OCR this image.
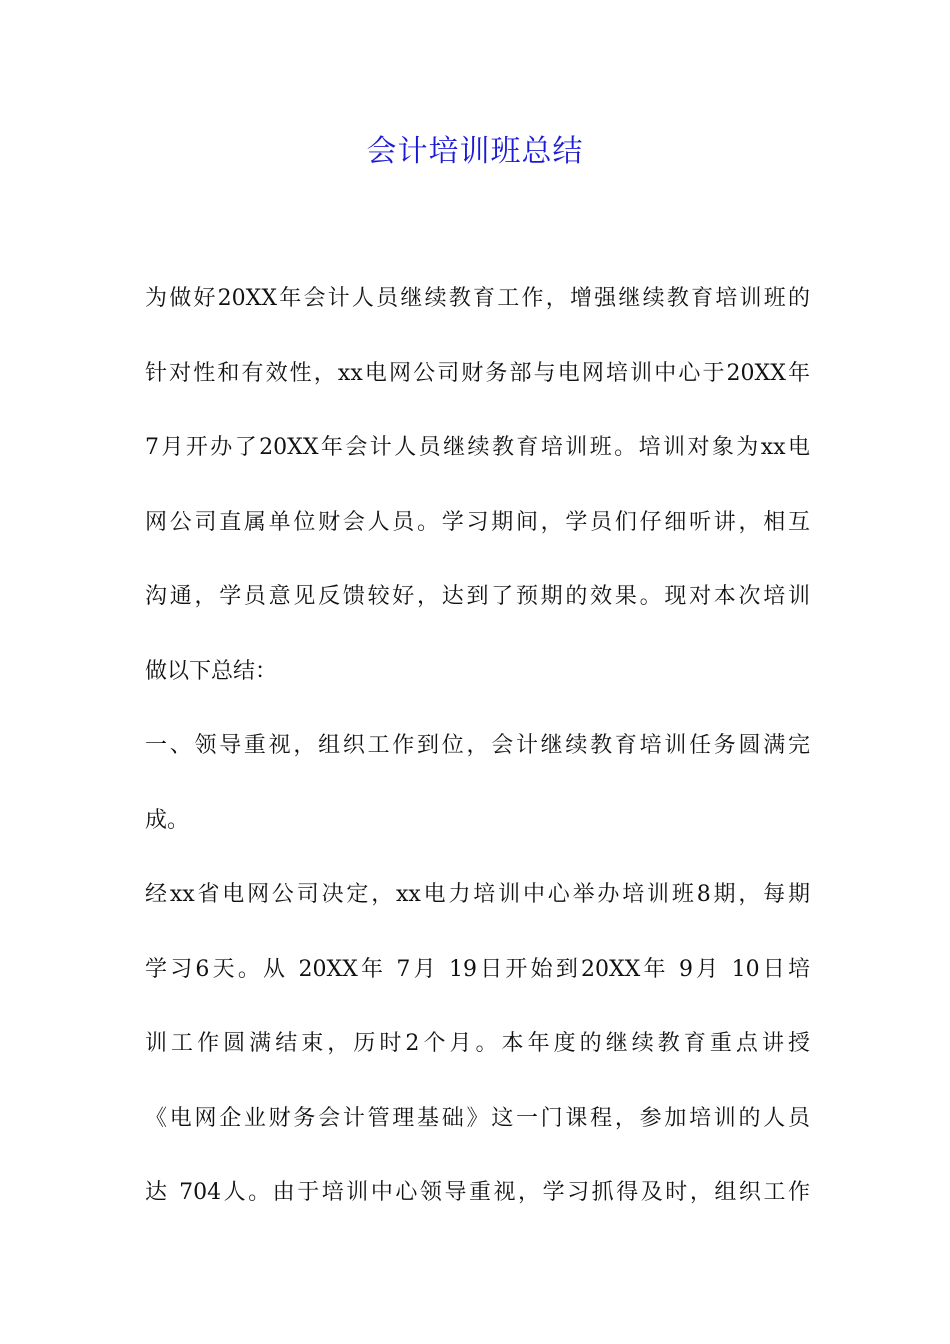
会计培训班总结
为做好20XX年会计人员继续教育工作，增强继续教育培训班的
针对性和有效性，xx电网公司财务部与电网培训中心于20XX年
7月开办了20XX年会计人员继续教育培训班。培训对象为xx电
网公司直属单位财会人员。学习期间，学员们仔细听讲，相互
沟通，学员意见反馈较好，达到了预期的效果。现对本次培训
做以下总结：
一、领导重视，组织工作到位，会计继续教育培训任务圆满完
成。
经xx省电网公司决定，xx电力培训中心举办培训班8期，每期
学习6天。从 20XX年 7月 19日开始到20XX年 9月 10日培
训工作圆满结束，历时2个月。本年度的继续教育重点讲授
《电网企业财务会计管理基础》这一门课程，参加培训的人员
达 704人。由于培训中心领导重视，学习抓得及时，组织工作
